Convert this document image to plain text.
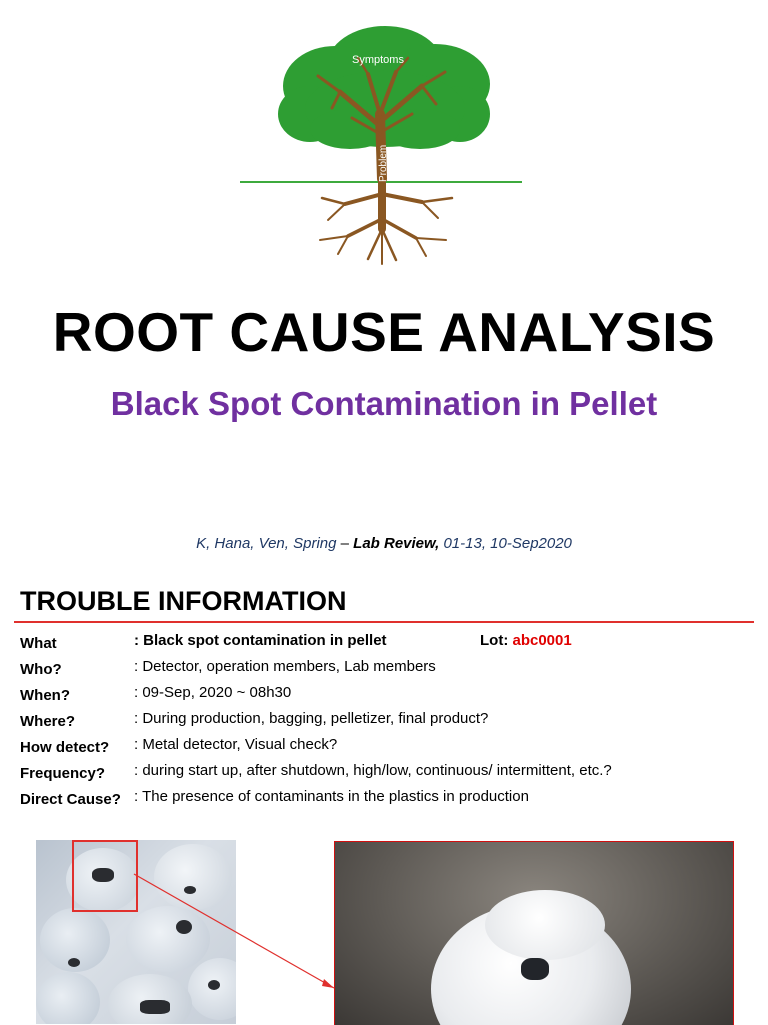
Symptoms
Problem
ROOT CAUSE ANALYSIS
Black Spot Contamination in Pellet
K, Hana, Ven, Spring – Lab Review, 01-13, 10-Sep2020
TROUBLE INFORMATION
What	: Black spot contamination in pellet	Lot: abc0001
Who?	: Detector, operation members, Lab members
When?	: 09-Sep, 2020 ~ 08h30
Where?	: During production, bagging, pelletizer, final product?
How detect? : Metal detector, Visual check?
Frequency? : during start up, after shutdown, high/low, continuous/ intermittent, etc.?
Direct Cause? : The presence of contaminants in the plastics in production
